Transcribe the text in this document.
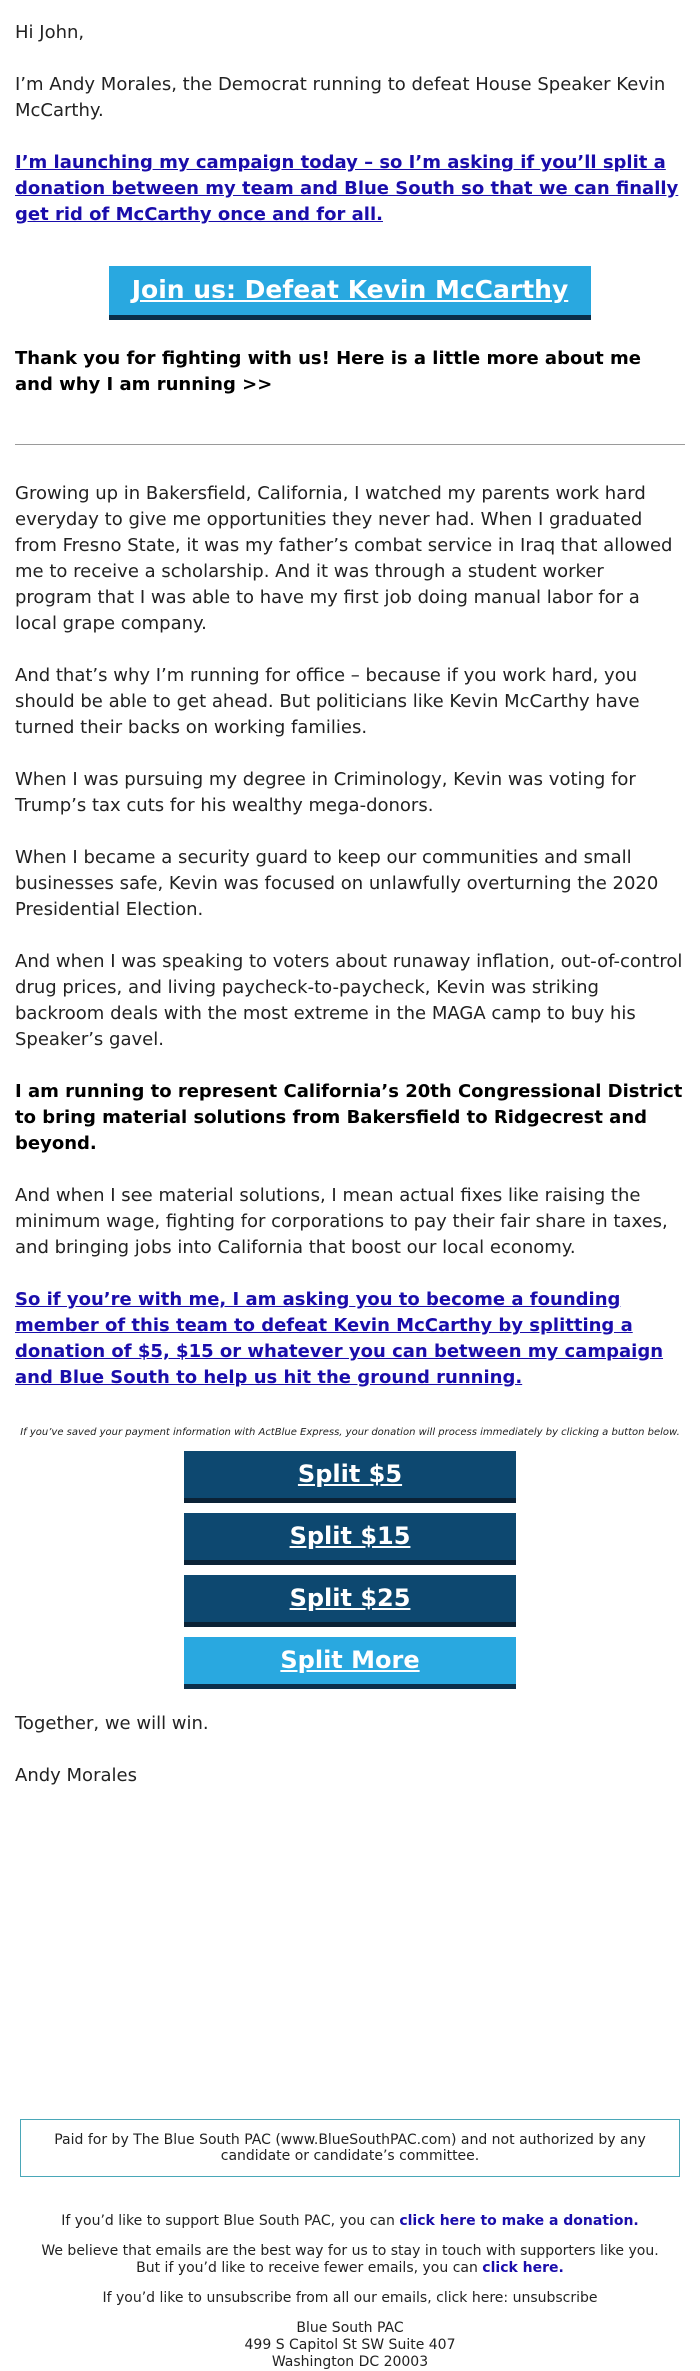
Hi John,

I’m Andy Morales, the Democrat running to defeat House Speaker Kevin McCarthy.

I’m launching my campaign today – so I’m asking if you’ll split a donation between my team and Blue South so that we can finally get rid of McCarthy once and for all.

Join us: Defeat Kevin McCarthy

Thank you for fighting with us! Here is a little more about me and why I am running >>

Growing up in Bakersfield, California, I watched my parents work hard everyday to give me opportunities they never had. When I graduated from Fresno State, it was my father’s combat service in Iraq that allowed me to receive a scholarship. And it was through a student worker program that I was able to have my first job doing manual labor for a local grape company.

And that’s why I’m running for office – because if you work hard, you should be able to get ahead. But politicians like Kevin McCarthy have turned their backs on working families.

When I was pursuing my degree in Criminology, Kevin was voting for Trump’s tax cuts for his wealthy mega-donors.

When I became a security guard to keep our communities and small businesses safe, Kevin was focused on unlawfully overturning the 2020 Presidential Election.

And when I was speaking to voters about runaway inflation, out-of-control drug prices, and living paycheck-to-paycheck, Kevin was striking backroom deals with the most extreme in the MAGA camp to buy his Speaker’s gavel.

I am running to represent California’s 20th Congressional District to bring material solutions from Bakersfield to Ridgecrest and beyond.

And when I see material solutions, I mean actual fixes like raising the minimum wage, fighting for corporations to pay their fair share in taxes, and bringing jobs into California that boost our local economy.

So if you’re with me, I am asking you to become a founding member of this team to defeat Kevin McCarthy by splitting a donation of $5, $15 or whatever you can between my campaign and Blue South to help us hit the ground running.

If you’ve saved your payment information with ActBlue Express, your donation will process immediately by clicking a button below.
Split $5
Split $15
Split $25
Split More

Together, we will win.

Andy Morales

Paid for by The Blue South PAC (www.BlueSouthPAC.com) and not authorized by any candidate or candidate’s committee.
If you’d like to support Blue South PAC, you can click here to make a donation.
We believe that emails are the best way for us to stay in touch with supporters like you. But if you’d like to receive fewer emails, you can click here.
If you’d like to unsubscribe from all our emails, click here: unsubscribe
Blue South PAC
499 S Capitol St SW Suite 407
Washington DC 20003
